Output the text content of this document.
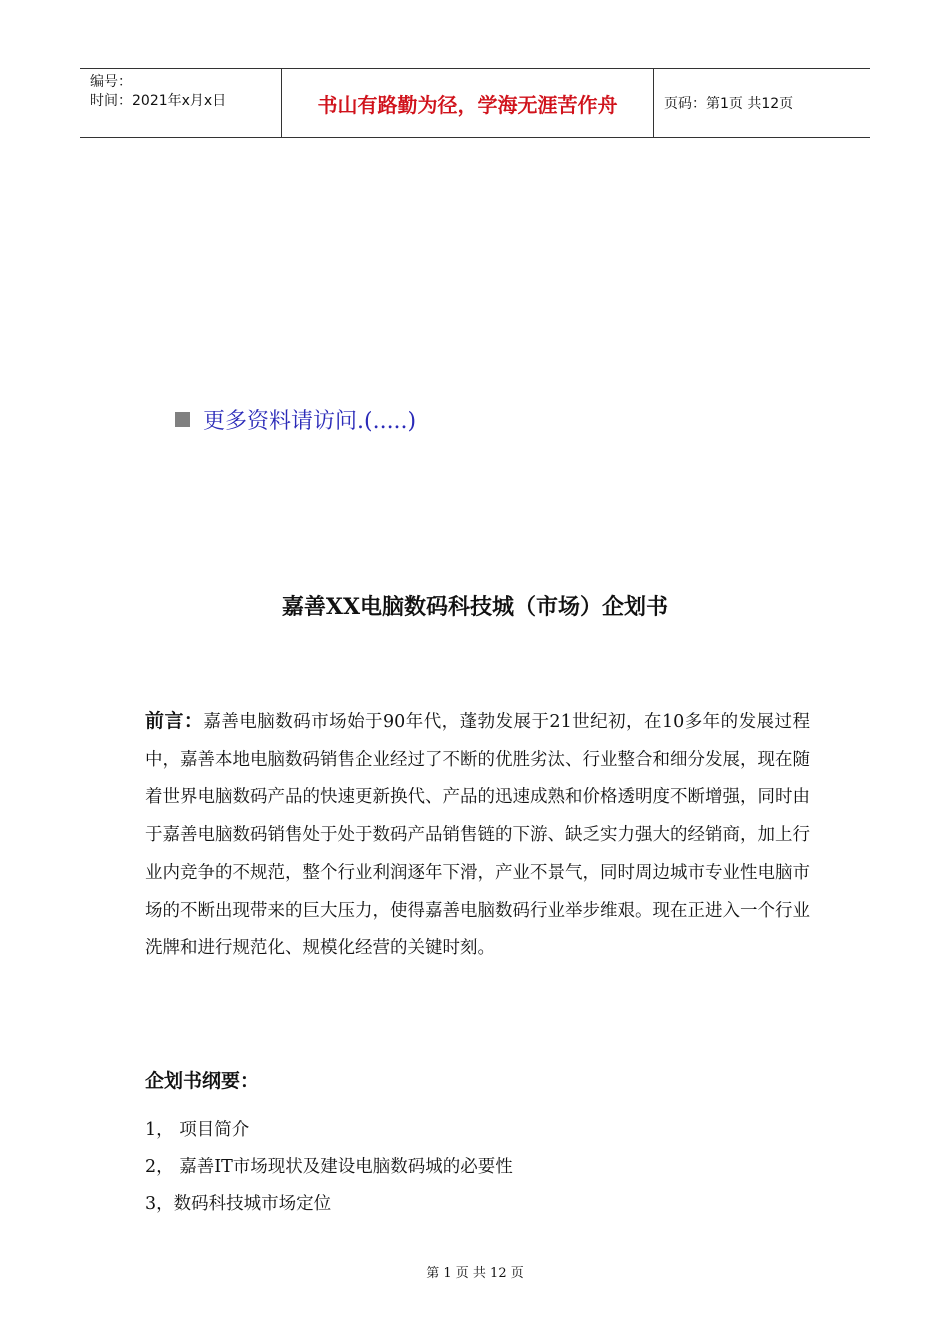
编号：
时间：2021年x月x日	书山有路勤为径，学海无涯苦作舟	页码：第1页 共12页
更多资料请访问.(.....)
嘉善XX电脑数码科技城（市场）企划书
前言：嘉善电脑数码市场始于90年代，蓬勃发展于21世纪初，在10多年的发展过程中，嘉善本地电脑数码销售企业经过了不断的优胜劣汰、行业整合和细分发展，现在随着世界电脑数码产品的快速更新换代、产品的迅速成熟和价格透明度不断增强，同时由于嘉善电脑数码销售处于处于数码产品销售链的下游、缺乏实力强大的经销商，加上行业内竞争的不规范，整个行业利润逐年下滑，产业不景气，同时周边城市专业性电脑市场的不断出现带来的巨大压力，使得嘉善电脑数码行业举步维艰。现在正进入一个行业洗牌和进行规范化、规模化经营的关键时刻。
企划书纲要：
1， 项目简介
2， 嘉善IT市场现状及建设电脑数码城的必要性
3，数码科技城市场定位
第 1 页 共 12 页
